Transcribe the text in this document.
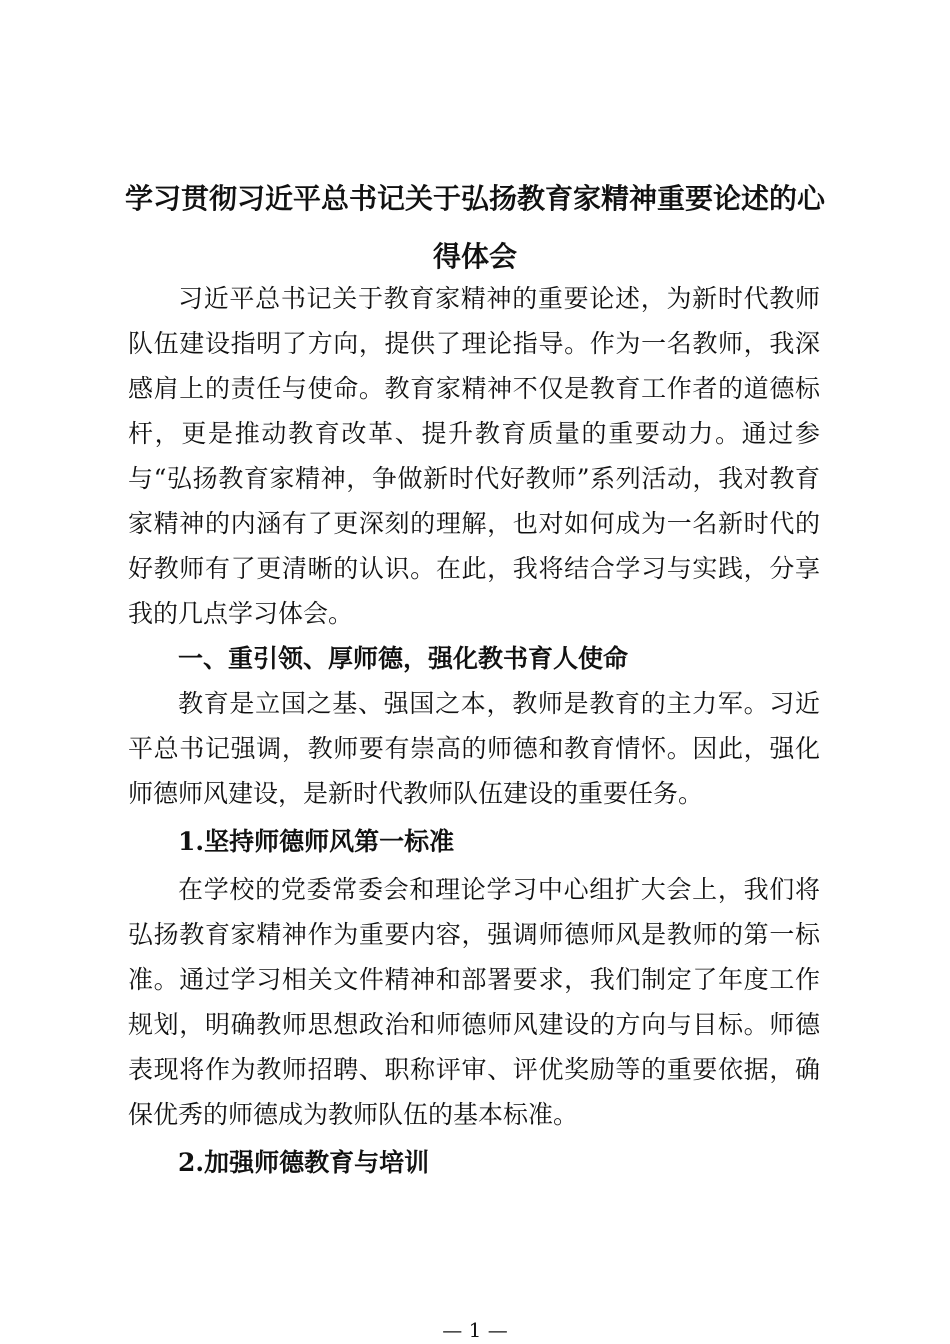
学习贯彻习近平总书记关于弘扬教育家精神重要论述的心得体会

习近平总书记关于教育家精神的重要论述，为新时代教师队伍建设指明了方向，提供了理论指导。作为一名教师，我深感肩上的责任与使命。教育家精神不仅是教育工作者的道德标杆，更是推动教育改革、提升教育质量的重要动力。通过参与“弘扬教育家精神，争做新时代好教师”系列活动，我对教育家精神的内涵有了更深刻的理解，也对如何成为一名新时代的好教师有了更清晰的认识。在此，我将结合学习与实践，分享我的几点学习体会。

一、重引领、厚师德，强化教书育人使命

教育是立国之基、强国之本，教师是教育的主力军。习近平总书记强调，教师要有崇高的师德和教育情怀。因此，强化师德师风建设，是新时代教师队伍建设的重要任务。

1.坚持师德师风第一标准

在学校的党委常委会和理论学习中心组扩大会上，我们将弘扬教育家精神作为重要内容，强调师德师风是教师的第一标准。通过学习相关文件精神和部署要求，我们制定了年度工作规划，明确教师思想政治和师德师风建设的方向与目标。师德表现将作为教师招聘、职称评审、评优奖励等的重要依据，确保优秀的师德成为教师队伍的基本标准。

2.加强师德教育与培训

— 1 —
